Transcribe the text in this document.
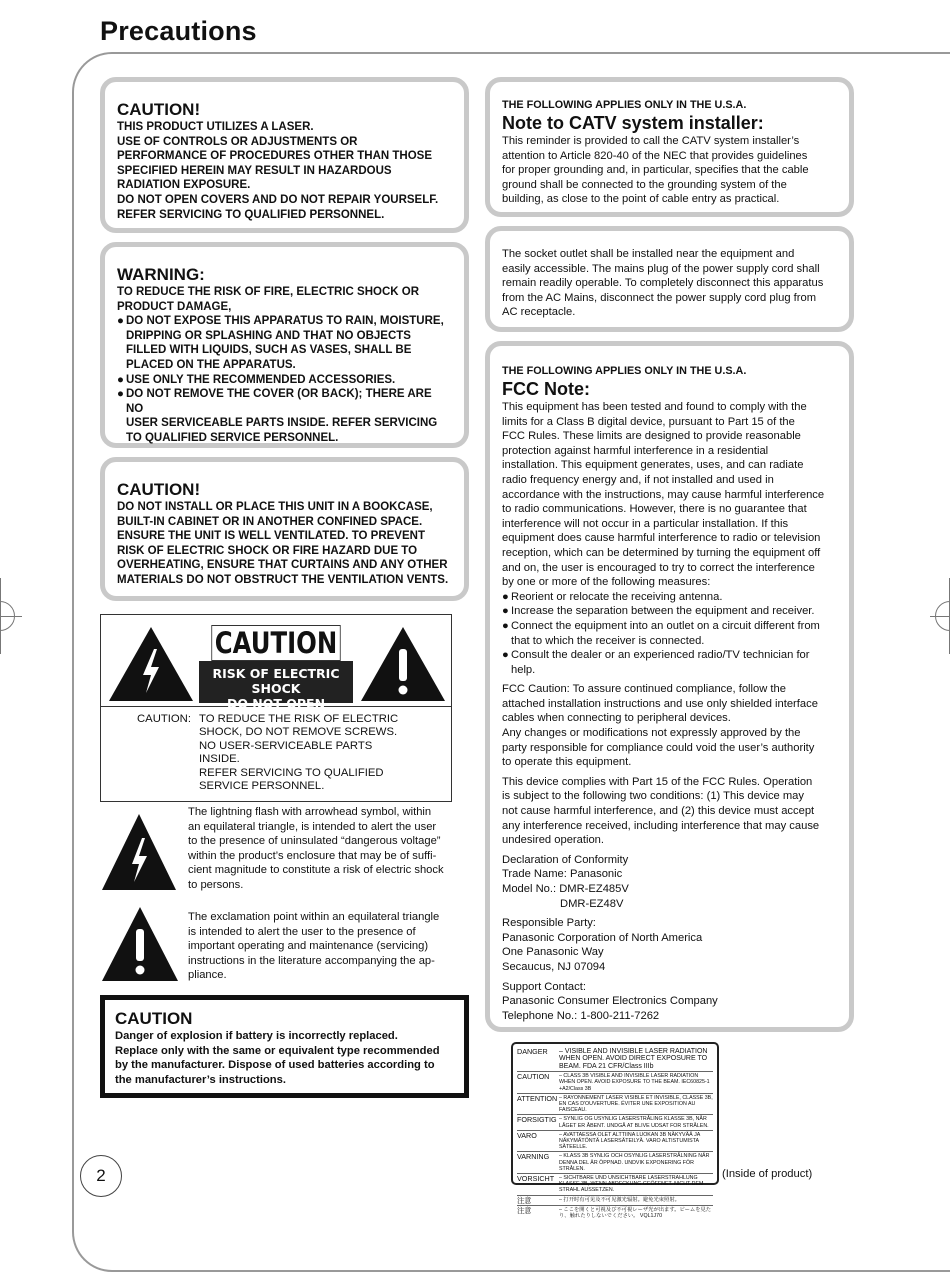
Precautions
CAUTION!
THIS PRODUCT UTILIZES A LASER.
USE OF CONTROLS OR ADJUSTMENTS OR
PERFORMANCE OF PROCEDURES OTHER THAN THOSE
SPECIFIED HEREIN MAY RESULT IN HAZARDOUS
RADIATION EXPOSURE.
DO NOT OPEN COVERS AND DO NOT REPAIR YOURSELF.
REFER SERVICING TO QUALIFIED PERSONNEL.
WARNING:
TO REDUCE THE RISK OF FIRE, ELECTRIC SHOCK OR
PRODUCT DAMAGE,
● DO NOT EXPOSE THIS APPARATUS TO RAIN, MOISTURE,
DRIPPING OR SPLASHING AND THAT NO OBJECTS
FILLED WITH LIQUIDS, SUCH AS VASES, SHALL BE
PLACED ON THE APPARATUS.
● USE ONLY THE RECOMMENDED ACCESSORIES.
● DO NOT REMOVE THE COVER (OR BACK); THERE ARE NO
USER SERVICEABLE PARTS INSIDE. REFER SERVICING
TO QUALIFIED SERVICE PERSONNEL.
CAUTION!
DO NOT INSTALL OR PLACE THIS UNIT IN A BOOKCASE,
BUILT-IN CABINET OR IN ANOTHER CONFINED SPACE.
ENSURE THE UNIT IS WELL VENTILATED. TO PREVENT
RISK OF ELECTRIC SHOCK OR FIRE HAZARD DUE TO
OVERHEATING, ENSURE THAT CURTAINS AND ANY OTHER
MATERIALS DO NOT OBSTRUCT THE VENTILATION VENTS.
CAUTION
RISK OF ELECTRIC SHOCK
DO NOT OPEN
CAUTION: TO REDUCE THE RISK OF ELECTRIC
SHOCK, DO NOT REMOVE SCREWS.
NO USER-SERVICEABLE PARTS
INSIDE.
REFER SERVICING TO QUALIFIED
SERVICE PERSONNEL.
The lightning flash with arrowhead symbol, within
an equilateral triangle, is intended to alert the user
to the presence of uninsulated “dangerous voltage”
within the product’s enclosure that may be of suffi-
cient magnitude to constitute a risk of electric shock
to persons.
The exclamation point within an equilateral triangle
is intended to alert the user to the presence of
important operating and maintenance (servicing)
instructions in the literature accompanying the ap-
pliance.
CAUTION
Danger of explosion if battery is incorrectly replaced.
Replace only with the same or equivalent type recommended
by the manufacturer. Dispose of used batteries according to
the manufacturer’s instructions.
THE FOLLOWING APPLIES ONLY IN THE U.S.A.
Note to CATV system installer:
This reminder is provided to call the CATV system installer’s
attention to Article 820-40 of the NEC that provides guidelines
for proper grounding and, in particular, specifies that the cable
ground shall be connected to the grounding system of the
building, as close to the point of cable entry as practical.
The socket outlet shall be installed near the equipment and
easily accessible. The mains plug of the power supply cord shall
remain readily operable. To completely disconnect this apparatus
from the AC Mains, disconnect the power supply cord plug from
AC receptacle.
THE FOLLOWING APPLIES ONLY IN THE U.S.A.
FCC Note:
This equipment has been tested and found to comply with the
limits for a Class B digital device, pursuant to Part 15 of the
FCC Rules. These limits are designed to provide reasonable
protection against harmful interference in a residential
installation. This equipment generates, uses, and can radiate
radio frequency energy and, if not installed and used in
accordance with the instructions, may cause harmful interference
to radio communications. However, there is no guarantee that
interference will not occur in a particular installation. If this
equipment does cause harmful interference to radio or television
reception, which can be determined by turning the equipment off
and on, the user is encouraged to try to correct the interference
by one or more of the following measures:
● Reorient or relocate the receiving antenna.
● Increase the separation between the equipment and receiver.
● Connect the equipment into an outlet on a circuit different from
that to which the receiver is connected.
● Consult the dealer or an experienced radio/TV technician for
help.
FCC Caution: To assure continued compliance, follow the
attached installation instructions and use only shielded interface
cables when connecting to peripheral devices.
Any changes or modifications not expressly approved by the
party responsible for compliance could void the user’s authority
to operate this equipment.
This device complies with Part 15 of the FCC Rules. Operation
is subject to the following two conditions: (1) This device may
not cause harmful interference, and (2) this device must accept
any interference received, including interference that may cause
undesired operation.
Declaration of Conformity
Trade Name: Panasonic
Model No.: DMR-EZ485V
DMR-EZ48V
Responsible Party:
Panasonic Corporation of North America
One Panasonic Way
Secaucus, NJ 07094
Support Contact:
Panasonic Consumer Electronics Company
Telephone No.: 1-800-211-7262
DANGER	– VISIBLE AND INVISIBLE LASER RADIATION WHEN OPEN. AVOID DIRECT EXPOSURE TO BEAM. FDA 21 CFR/Class IIIb
CAUTION	– CLASS 3B VISIBLE AND INVISIBLE LASER RADIATION WHEN OPEN. AVOID EXPOSURE TO THE BEAM. IEC60825-1 +A2/Class 3B
ATTENTION – RAYONNEMENT LASER VISIBLE ET INVISIBLE, CLASSE 3B, EN CAS D'OUVERTURE. ÉVITER UNE EXPOSITION AU FAISCEAU.
FORSIGTIG – SYNLIG OG USYNLIG LASERSTRÅLING KLASSE 3B, NÅR LÅGET ER ÅBENT. UNDGÅ AT BLIVE UDSAT FOR STRÅLEN.
VARO	– AVATTAESSA OLET ALTTIINA LUOKAN 3B NÄKYVÄÄ JA NÄKYMÄTÖNTÄ LASERSÄTEILYÄ. VARO ALTISTUMISTA SÄTEELLE.
VARNING	– KLASS 3B SYNLIG OCH OSYNLIG LASERSTRÅLNING NÄR DENNA DEL ÄR ÖPPNAD. UNDVIK EXPONERING FÖR STRÅLEN.
VORSICHT – SICHTBARE UND UNSICHTBARE LASERSTRAHLUNG KLASSE 3B, WENN ABDECKUNG GEÖFFNET. NICHT DEM STRAHL AUSSETZEN.
注意	– 打开时有可见及不可见激光辐射。避免光束照射。
注意	– ここを開くと可視及び不可視レーザ光が出ます。ビームを見たり、触れたりしないでください。 VQL1J70
(Inside of product)
2
